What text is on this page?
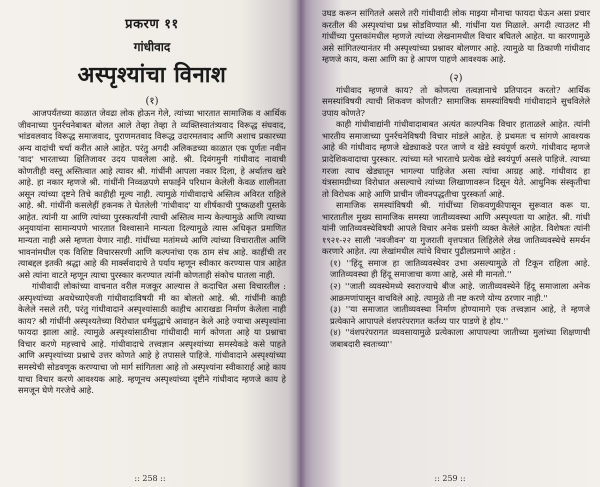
प्रकरण ११
गांधीवाद
अस्पृश्यांचा विनाश
(१)

आजपर्यंतच्या काळात जेवढा लोक होऊन गेले, त्यांच्या भारतात सामाजिक व आर्थिक जीवनाच्या पुनर्रचनेबाबत बोलत आले तेव्हा तेव्हा ते व्यक्तिस्वातंत्र्यवाद विरूद्ध संघवाद, भांडवलवाद विरूद्ध समाजवाद, पुराणमतवाद विरूद्ध उदारमतवाद आणि अशाच प्रकारच्या अन्य वादांची चर्चा करीत आले आहेत. परंतु अगदी अलिकडच्या काळात एक पूर्णतः नवीन 'वाद' भारताच्या क्षितिजावर उदय पावलेला आहे. श्री. दिवंगमुनी गांधीवाद नावाची कोणतीही वस्तू अस्तित्वात आहे त्यावर श्री. गांधींनी आपला नकार दिला, हे अर्थातच खरे आहे. हा नकार म्हणजे श्री. गांधींनी निव्वळपणे सफाईने परिधान केलेली केवळ शालीनता असून त्यांच्या दृष्टने तिचे काहीही मूल्य नाही. त्यामुळे गांधीवादाचे अस्तित्व अविरत राहिले आहे. श्री. गांधींनी कसलेहीं हकनक ते घेतलेली 'गांधीवाद' या शीर्षकाची पुष्कळशी पुस्तके आहेत. त्यांनी या आणि त्यांच्या पुरस्कर्त्यांनी त्याची अस्तित्व मान्य केल्यामुळे आणि त्याच्या अनुयायांना सामान्यपणे भारतात विश्वासाने मान्यता दिल्यामुळे त्यास अधिकृत प्रमाणित मान्यता नाही असे म्हणता येणार नाही. गांधींच्या मतांमध्ये आणि त्यांच्या विचारातील आणि भावनांमधील एक विशिष्ट विचारसरणी आणि कल्पनांचा एक ठाम संच आहे. काहींची तर त्याबद्दल इतकी श्रद्धा आहे की मार्क्सवादाचे ते पर्याय म्हणून स्वीकार करण्यास पात्र आहेत असे त्यांना वाटते म्हणून त्याचा पुरस्कार करण्यात त्यांनी कोणताही संकोच घातला नाही.

गांधीवादी लोकांच्या वाचनात वरील मजकूर आल्यास ते कदाचित असा विचारतील : अस्पृश्यांच्या अवधेच्याऐवजी गांधीवादाविषयी मी का बोलतो आहे. श्री. गांधींनी काही केलेले नसले तरी, परंतु गांधीवादाने अस्पृश्यांसाठी काहीच आराखडा निर्माण केलेला नाही काय? श्री गांधींनी अस्पृश्यतेच्या विरोधात धर्मयुद्धाचे आवाहन केले आहे ज्याचा अस्पृश्यांना फायदा झाला आहे. त्यामुळे अस्पृश्यांसाठीचा गांधीवादी मार्ग कोणता आहे या प्रश्नाचा विचार करणे महत्त्वाचे आहे. गांधीवादाचे तत्त्वज्ञान अस्पृश्यांच्या समस्येकडे कसे पाहते आणि अस्पृश्यांच्या प्रश्नाचे उत्तर कोणते आहे हे तपासले पाहिजे. गांधीवादाने अस्पृश्यांच्या समस्येची सोडवणूक करण्याचा जो मार्ग सांगितला आहे तो अस्पृश्यांना स्वीकारार्ह आहे काय याचा विचार करणे आवश्यक आहे. म्हणूनच अस्पृश्यांच्या दृष्टीने गांधीवाद म्हणजे काय हे समजून घेणे गरजेचे आहे.

:: 258 ::

उघड करून सांगितले असले तरी गांधीवादी लोक माझ्या मौनाचा फायदा घेऊन असा प्रचार करतील की अस्पृश्यांचा प्रश्न सोडविण्यात श्री. गांधींना यश मिळाले. अगदी त्याउलट मी गांधींच्या पुस्तकांमधील म्हणजे त्यांच्या लेखनामधील विचार बघितले आहेत. या कारणामुळे असे सांगितल्यानंतर मी अस्पृश्यांच्या प्रश्नावर बोलणार आहे. त्यामुळे या ठिकाणी गांधीवाद म्हणजे काय, कसा आणि का हे आपण पाहणे आवश्यक आहे.

(२)

गांधीवाद म्हणजे काय? तो कोणत्या तत्वज्ञानाचे प्रतिपादन करतो? आर्थिक समस्यांविषयी त्याची शिकवण कोणती? सामाजिक समस्यांविषयी गांधीवादाने सुचविलेले उपाय कोणते?

काही गांधीवाद्यांनी गांधीवादाबाबत अत्यंत काल्पनिक विचार हाताळले आहेत. त्यांनी भारतीय समाजाच्या पुनर्रचनेविषयी विचार मांडले आहेत. हे प्रथमतः च सांगणे आवश्यक आहे की गांधीवाद म्हणजे खेड्याकडे परत जाणे व खेडे स्वयंपूर्ण करणे. गांधीवाद म्हणजे प्रादेशिकवादाचा पुरस्कार. त्यांच्या मते भारताचे प्रत्येक खेडे स्वयंपूर्ण असले पाहिजे. त्याच्या गरजा त्याच खेड्यातून भागल्या पाहिजेत असा त्यांचा आग्रह आहे. गांधीवाद हा यंत्रसामग्रीच्या विरोधात असल्याचे त्यांच्या लिखाणावरून दिसून येते. आधुनिक संस्कृतीचा तो विरोधक आहे आणि प्राचीन जीवनपद्धतीचा पुरस्कर्ता आहे.

सामाजिक समस्यांविषयी श्री. गांधींच्या शिकवणुकीपासून सुरूवात करू या. भारतातील मुख्य सामाजिक समस्या जातीव्यवस्था आणि अस्पृश्यता या आहेत. श्री. गांधी यांनी जातिव्यवस्थेविषयी आपले विचार अनेक प्रसंगी व्यक्त केलेले आहेत. विशेषतः त्यांनी १९२१-२२ साली 'नवजीवन' या गुजराती वृत्तपत्रात लिहिलेले लेख जातिव्यवस्थेचे समर्थन करणारे आहेत. त्या लेखांमधील त्यांचे विचार पुढीलप्रमाणे आहेत :

(१) ''हिंदू समाज हा जातिव्यवस्थेवर उभा असल्यामुळे तो टिकून राहिला आहे. जातिव्यवस्था ही हिंदू समाजाचा कणा आहे, असे मी मानतो.''

(२) ''जाती व्यवस्थेमध्ये स्वराज्याचे बीज आहे. जातीव्यवस्थेने हिंदू समाजाला अनेक आक्रमणांपासून वाचविले आहे. त्यामुळे ती नष्ट करणे योग्य ठरणार नाही.''

(३) ''या समाजात जातीव्यवस्था निर्माण होण्यामागे एक तत्त्वज्ञान आहे, ते म्हणजे प्रत्येकाने आपापले वंशपरंपरागत कर्तव्य पार पाडणे हे होय.''

(४) ''वंशपरंपरागत व्यवसायामुळे प्रत्येकाला आपापल्या जातीच्या मुलांच्या शिक्षणाची जबाबदारी स्वतःच्या''

:: 259 ::
